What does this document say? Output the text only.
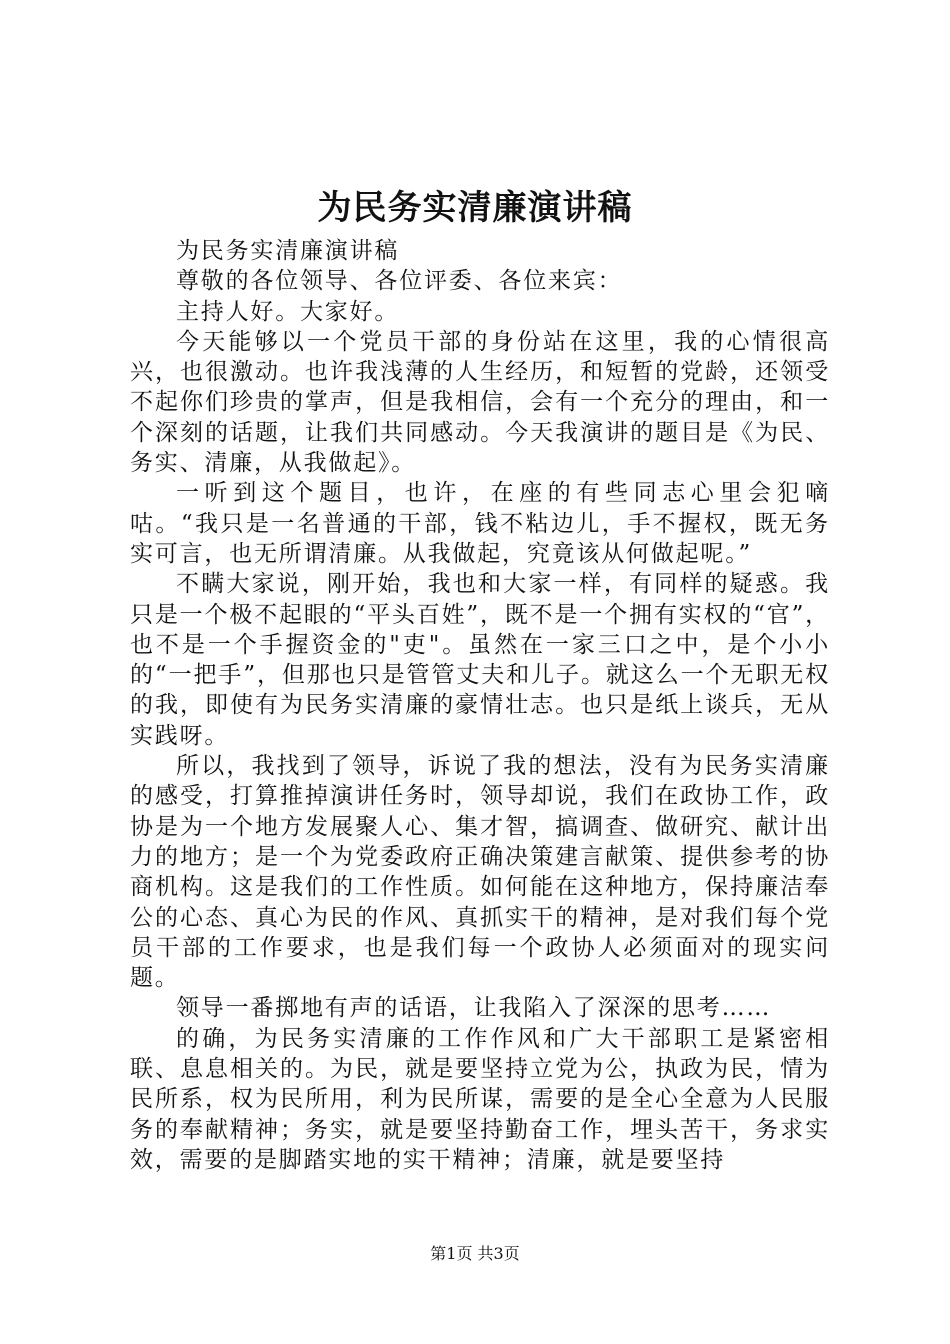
为民务实清廉演讲稿

为民务实清廉演讲稿

尊敬的各位领导、各位评委、各位来宾：

主持人好。大家好。

今天能够以一个党员干部的身份站在这里，我的心情很高兴，也很激动。也许我浅薄的人生经历，和短暂的党龄，还领受不起你们珍贵的掌声，但是我相信，会有一个充分的理由，和一个深刻的话题，让我们共同感动。今天我演讲的题目是《为民、务实、清廉，从我做起》。

一听到这个题目，也许，在座的有些同志心里会犯嘀咕。“我只是一名普通的干部，钱不粘边儿，手不握权，既无务实可言，也无所谓清廉。从我做起，究竟该从何做起呢。”

不瞒大家说，刚开始，我也和大家一样，有同样的疑惑。我只是一个极不起眼的“平头百姓”，既不是一个拥有实权的“官”，也不是一个手握资金的"吏"。虽然在一家三口之中，是个小小的“一把手”，但那也只是管管丈夫和儿子。就这么一个无职无权的我，即使有为民务实清廉的豪情壮志。也只是纸上谈兵，无从实践呀。

所以，我找到了领导，诉说了我的想法，没有为民务实清廉的感受，打算推掉演讲任务时，领导却说，我们在政协工作，政协是为一个地方发展聚人心、集才智，搞调查、做研究、献计出力的地方；是一个为党委政府正确决策建言献策、提供参考的协商机构。这是我们的工作性质。如何能在这种地方，保持廉洁奉公的心态、真心为民的作风、真抓实干的精神，是对我们每个党员干部的工作要求，也是我们每一个政协人必须面对的现实问题。

领导一番掷地有声的话语，让我陷入了深深的思考……

的确，为民务实清廉的工作作风和广大干部职工是紧密相联、息息相关的。为民，就是要坚持立党为公，执政为民，情为民所系，权为民所用，利为民所谋，需要的是全心全意为人民服务的奉献精神；务实，就是要坚持勤奋工作，埋头苦干，务求实效，需要的是脚踏实地的实干精神；清廉，就是要坚持

第1页 共3页
